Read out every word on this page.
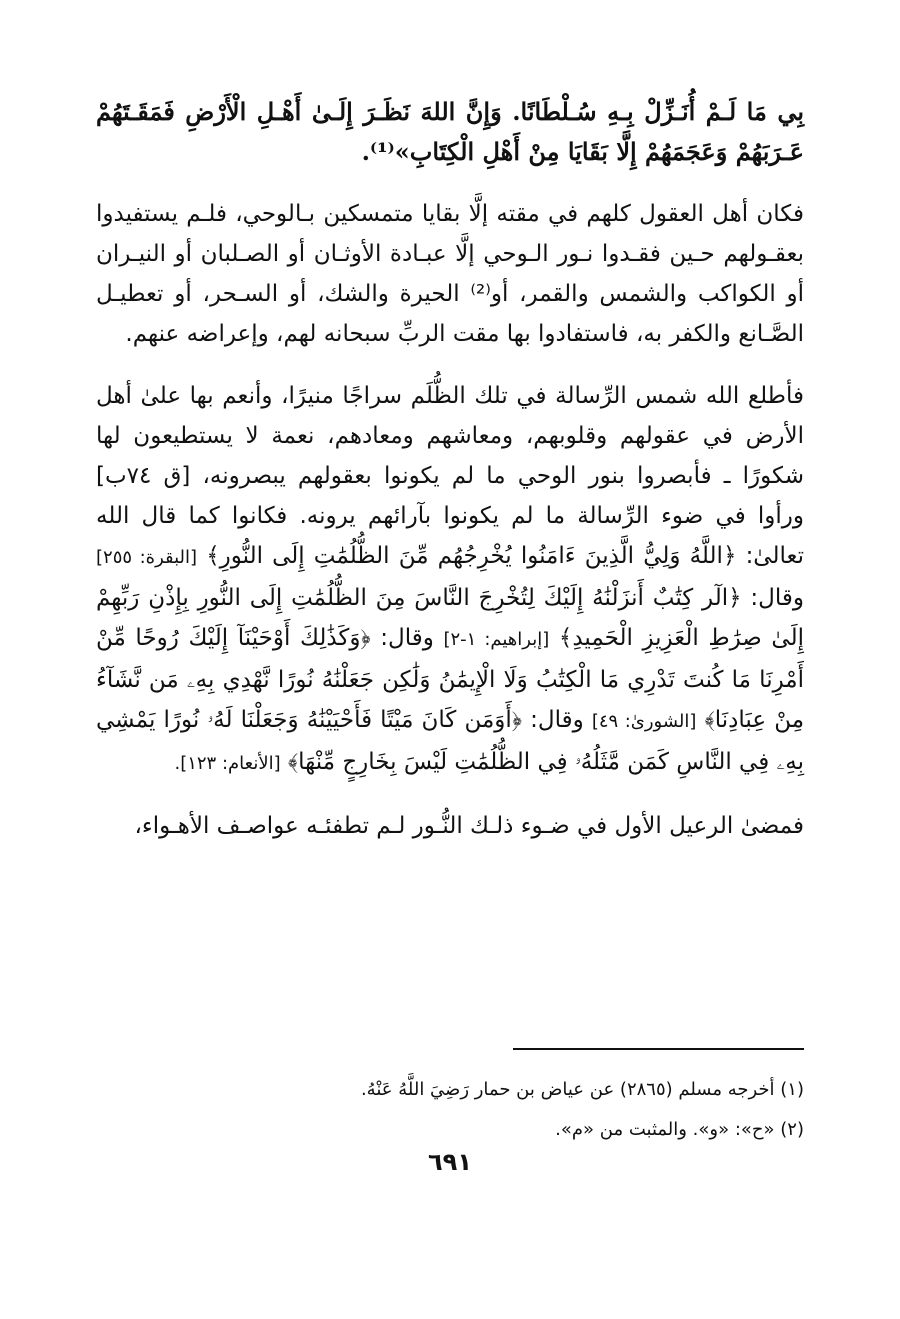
بِي مَا لَـمْ أُنَـزِّلْ بِـهِ سُـلْطَانًا. وَإِنَّ اللهَ نَظَـرَ إِلَـىٰ أَهْـلِ الْأَرْضِ فَمَقَـتَهُمْ عَـرَبَهُمْ وَعَجَمَهُمْ إِلَّا بَقَايَا مِنْ أَهْلِ الْكِتَابِ»⁽¹⁾.

فكان أهل العقول كلهم في مقته إلَّا بقايا متمسكين بـالوحي، فلـم يستفيدوا بعقـولهم حـين فقـدوا نـور الـوحي إلَّا عبـادة الأوثـان أو الصـلبان أو النيـران أو الكواكب والشمس والقمر، أو⁽²⁾ الحيرة والشك، أو السـحر، أو تعطيـل الصَّـانع والكفر به، فاستفادوا بها مقت الربِّ سبحانه لهم، وإعراضه عنهم.

فأطلع الله شمس الرِّسالة في تلك الظُّلَم سراجًا منيرًا، وأنعم بها علىٰ أهل الأرض في عقولهم وقلوبهم، ومعاشهم ومعادهم، نعمة لا يستطيعون لها شكورًا ـ فأبصروا بنور الوحي ما لم يكونوا بعقولهم يبصرونه، [ق ٧٤ب] ورأوا في ضوء الرِّسالة ما لم يكونوا بآرائهم يرونه. فكانوا كما قال الله تعالىٰ: ﴿اللَّهُ وَلِيُّ الَّذِينَ ءَامَنُوا يُخْرِجُهُم مِّنَ الظُّلُمَٰتِ إِلَى النُّورِ﴾ [البقرة: ٢٥٥] وقال: ﴿الٓر كِتَٰبٌ أَنزَلْنَٰهُ إِلَيْكَ لِتُخْرِجَ النَّاسَ مِنَ الظُّلُمَٰتِ إِلَى النُّورِ بِإِذْنِ رَبِّهِمْ إِلَىٰ صِرَٰطِ الْعَزِيزِ الْحَمِيدِ﴾ [إبراهيم: ١-٢] وقال: ﴿وَكَذَٰلِكَ أَوْحَيْنَآ إِلَيْكَ رُوحًا مِّنْ أَمْرِنَا مَا كُنتَ تَدْرِي مَا الْكِتَٰبُ وَلَا الْإِيمَٰنُ وَلَٰكِن جَعَلْنَٰهُ نُورًا نَّهْدِي بِهِۦ مَن نَّشَآءُ مِنْ عِبَادِنَا﴾ [الشورىٰ: ٤٩] وقال: ﴿أَوَمَن كَانَ مَيْتًا فَأَحْيَيْنَٰهُ وَجَعَلْنَا لَهُۥ نُورًا يَمْشِي بِهِۦ فِي النَّاسِ كَمَن مَّثَلُهُۥ فِي الظُّلُمَٰتِ لَيْسَ بِخَارِجٍ مِّنْهَا﴾ [الأنعام: ١٢٣].

فمضىٰ الرعيل الأول في ضـوء ذلـك النُّـور لـم تطفئـه عواصـف الأهـواء،

(١) أخرجه مسلم (٢٨٦٥) عن عياض بن حمار رَضِيَ اللَّهُ عَنْهُ.

(٢) «ح»: «و». والمثبت من «م».

٦٩١
